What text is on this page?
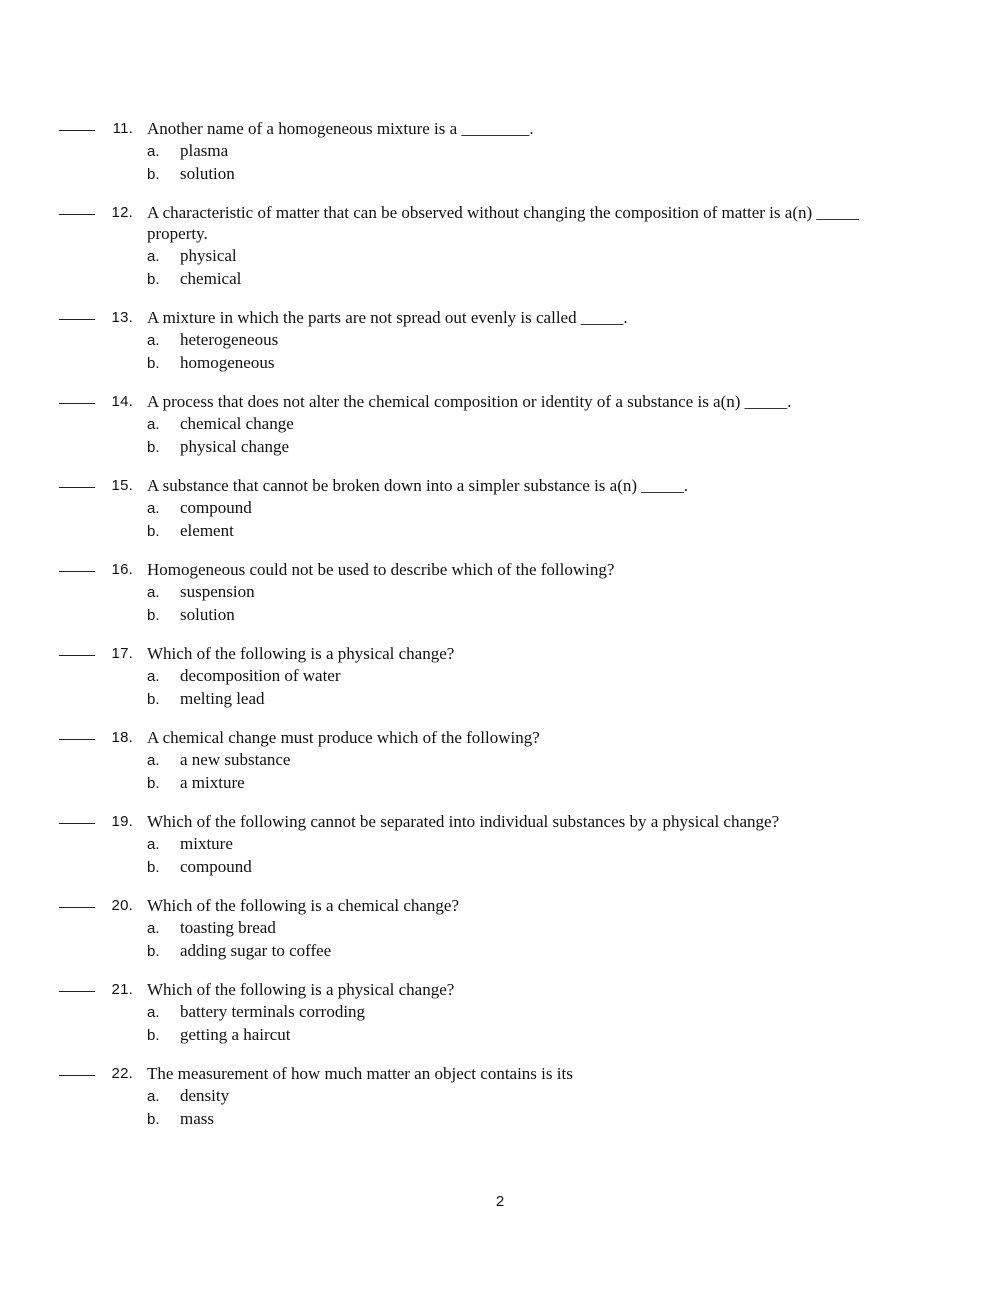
11. Another name of a homogeneous mixture is a ________.
a. plasma
b. solution
12. A characteristic of matter that can be observed without changing the composition of matter is a(n) _____
property.
a. physical
b. chemical
13. A mixture in which the parts are not spread out evenly is called _____.
a. heterogeneous
b. homogeneous
14. A process that does not alter the chemical composition or identity of a substance is a(n) _____.
a. chemical change
b. physical change
15. A substance that cannot be broken down into a simpler substance is a(n) _____.
a. compound
b. element
16. Homogeneous could not be used to describe which of the following?
a. suspension
b. solution
17. Which of the following is a physical change?
a. decomposition of water
b. melting lead
18. A chemical change must produce which of the following?
a. a new substance
b. a mixture
19. Which of the following cannot be separated into individual substances by a physical change?
a. mixture
b. compound
20. Which of the following is a chemical change?
a. toasting bread
b. adding sugar to coffee
21. Which of the following is a physical change?
a. battery terminals corroding
b. getting a haircut
22. The measurement of how much matter an object contains is its
a. density
b. mass
2
